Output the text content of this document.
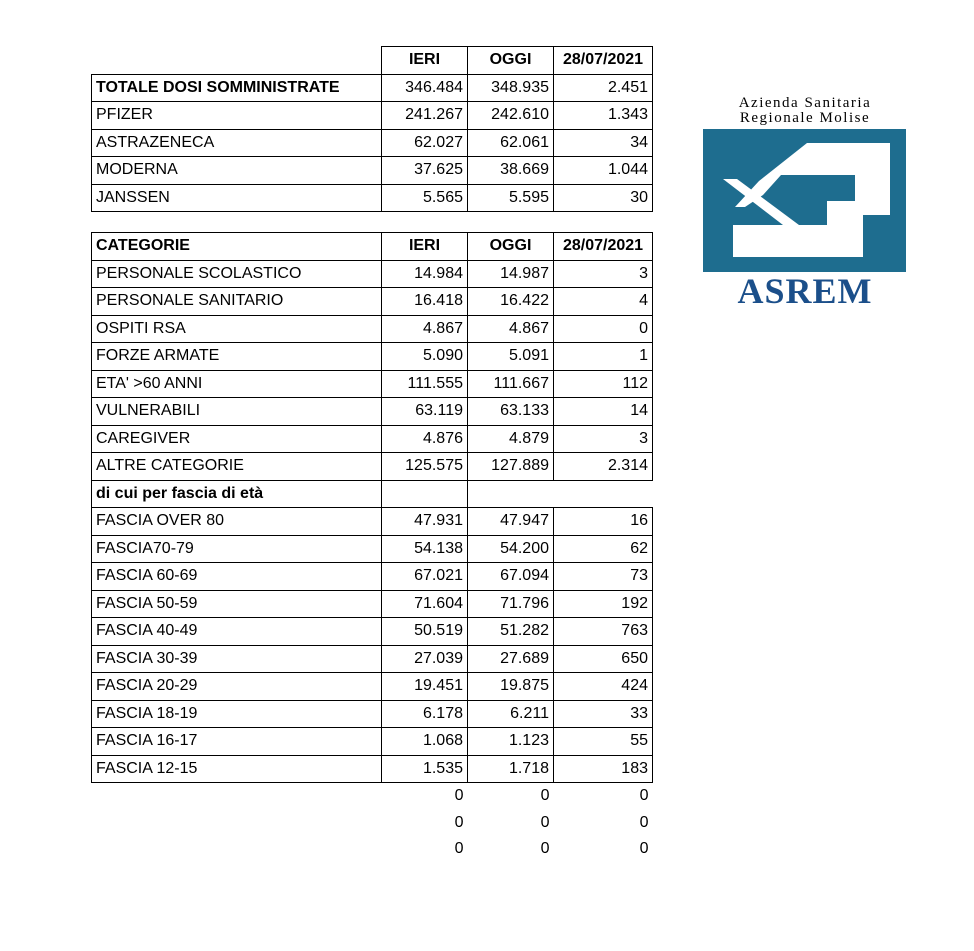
	IERI	OGGI	28/07/2021
TOTALE DOSI SOMMINISTRATE	346.484	348.935	2.451
PFIZER	241.267	242.610	1.343
ASTRAZENECA	62.027	62.061	34
MODERNA	37.625	38.669	1.044
JANSSEN	5.565	5.595	30
CATEGORIE	IERI	OGGI	28/07/2021
PERSONALE SCOLASTICO	14.984	14.987	3
PERSONALE SANITARIO	16.418	16.422	4
OSPITI RSA	4.867	4.867	0
FORZE ARMATE	5.090	5.091	1
ETA' >60 ANNI	111.555	111.667	112
VULNERABILI	63.119	63.133	14
CAREGIVER	4.876	4.879	3
ALTRE CATEGORIE	125.575	127.889	2.314
di cui per fascia di età			
FASCIA OVER 80	47.931	47.947	16
FASCIA70-79	54.138	54.200	62
FASCIA 60-69	67.021	67.094	73
FASCIA 50-59	71.604	71.796	192
FASCIA 40-49	50.519	51.282	763
FASCIA 30-39	27.039	27.689	650
FASCIA 20-29	19.451	19.875	424
FASCIA 18-19	6.178	6.211	33
FASCIA 16-17	1.068	1.123	55
FASCIA 12-15	1.535	1.718	183
	0	0	0
	0	0	0
	0	0	0
Azienda Sanitaria
Regionale Molise
ASREM
